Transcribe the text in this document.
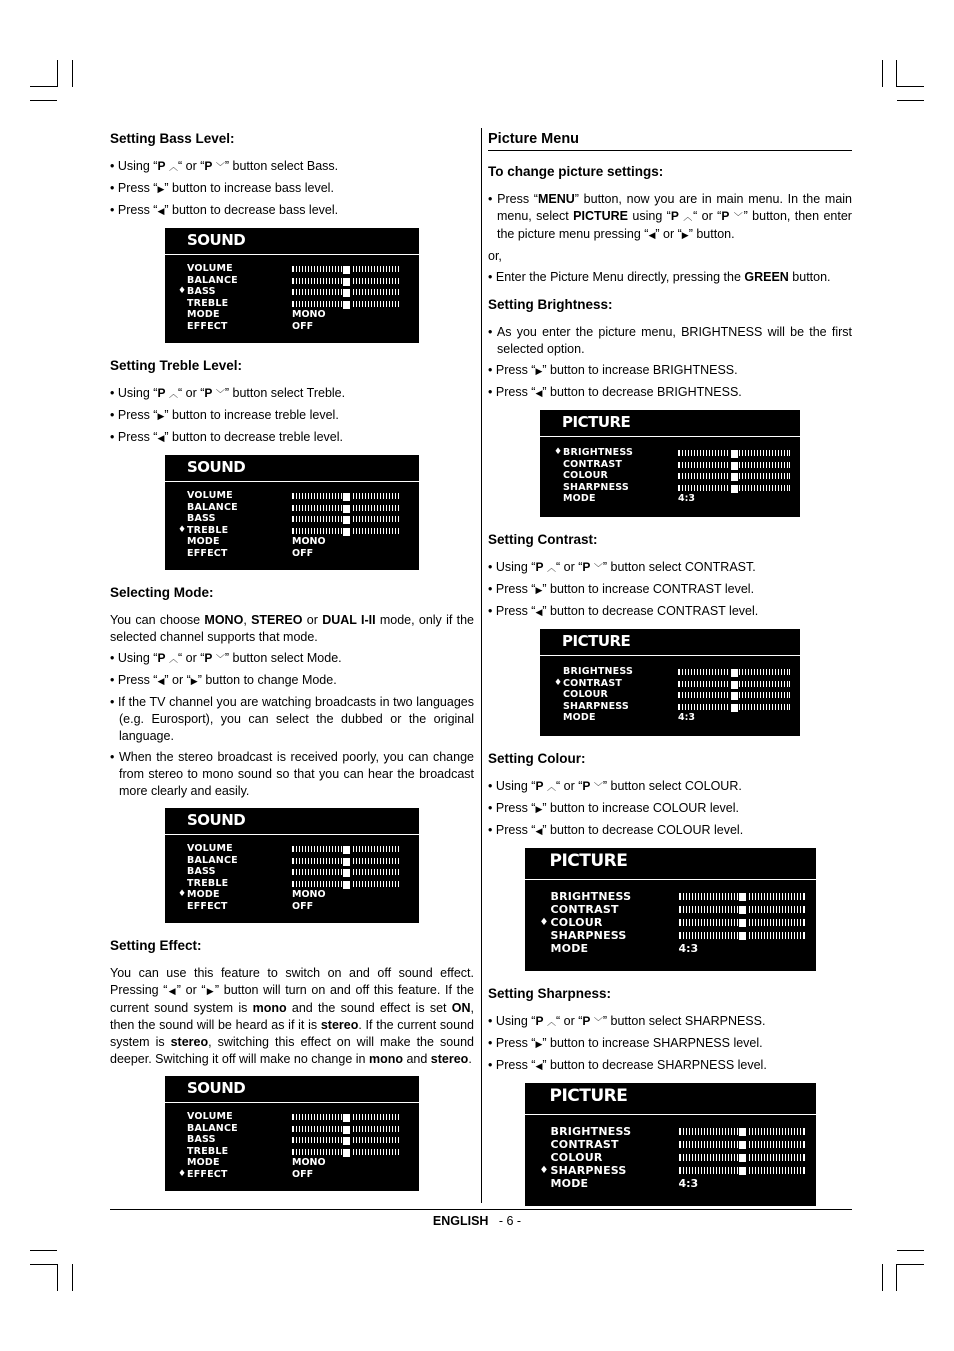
Setting Bass Level:

• Using “P ︿“ or “P ﹀” button select Bass.

• Press “▶” button to increase bass level.

• Press “◀” button to decrease bass level.

SOUND
VOLUME
BALANCE
♦ BASS
TREBLE
MODE	MONO
EFFECT	OFF
Setting Treble Level:

• Using “P ︿“ or “P ﹀” button select Treble.

• Press “▶” button to increase treble level.

• Press “◀” button to decrease treble level.

SOUND
VOLUME
BALANCE
BASS
♦ TREBLE
MODE	MONO
EFFECT	OFF
Selecting Mode:

You can choose MONO, STEREO or DUAL I-II mode, only if the selected channel supports that mode.

• Using “P ︿“ or “P ﹀” button select Mode.

• Press “◀” or “▶” button to change Mode.

• If the TV channel you are watching broadcasts in two languages (e.g. Eurosport), you can select the dubbed or the original language.

• When the stereo broadcast is received poorly, you can change from stereo to mono sound so that you can hear the broadcast more clearly and easily.

SOUND
VOLUME
BALANCE
BASS
TREBLE
♦ MODE	MONO
EFFECT	OFF
Setting Effect:

You can use this feature to switch on and off sound effect. Pressing “◀” or “▶” button will turn on and off this feature. If the current sound system is mono and the sound effect is set ON, then the sound will be heard as if it is stereo. If the current sound system is stereo, switching this effect on will make the sound deeper. Switching it off will make no change in mono and stereo.

SOUND
VOLUME
BALANCE
BASS
TREBLE
MODE	MONO
♦ EFFECT	OFF
Picture Menu
To change picture settings:

• Press “MENU” button, now you are in main menu. In the main menu, select PICTURE using “P ︿“ or “P ﹀” button, then enter the picture menu pressing “◀” or “▶” button.

or,

• Enter the Picture Menu directly, pressing the GREEN button.

Setting Brightness:

• As you enter the picture menu, BRIGHTNESS will be the first selected option.

• Press “▶” button to increase BRIGHTNESS.

• Press “◀” button to decrease BRIGHTNESS.

PICTURE
♦ BRIGHTNESS
CONTRAST
COLOUR
SHARPNESS
MODE	4:3
Setting Contrast:

• Using “P ︿“ or “P ﹀” button select CONTRAST.

• Press “▶” button to increase CONTRAST level.

• Press “◀” button to decrease CONTRAST level.

PICTURE
BRIGHTNESS
♦ CONTRAST
COLOUR
SHARPNESS
MODE	4:3
Setting Colour:

• Using “P ︿“ or “P ﹀” button select COLOUR.

• Press “▶” button to increase COLOUR level.

• Press “◀” button to decrease COLOUR level.

PICTURE
BRIGHTNESS
CONTRAST
♦ COLOUR
SHARPNESS
MODE	4:3
Setting Sharpness:

• Using “P ︿“ or “P ﹀” button select SHARPNESS.

• Press “▶” button to increase SHARPNESS level.

• Press “◀” button to decrease SHARPNESS level.

PICTURE
BRIGHTNESS
CONTRAST
COLOUR
♦ SHARPNESS
MODE	4:3
ENGLISH - 6 -
